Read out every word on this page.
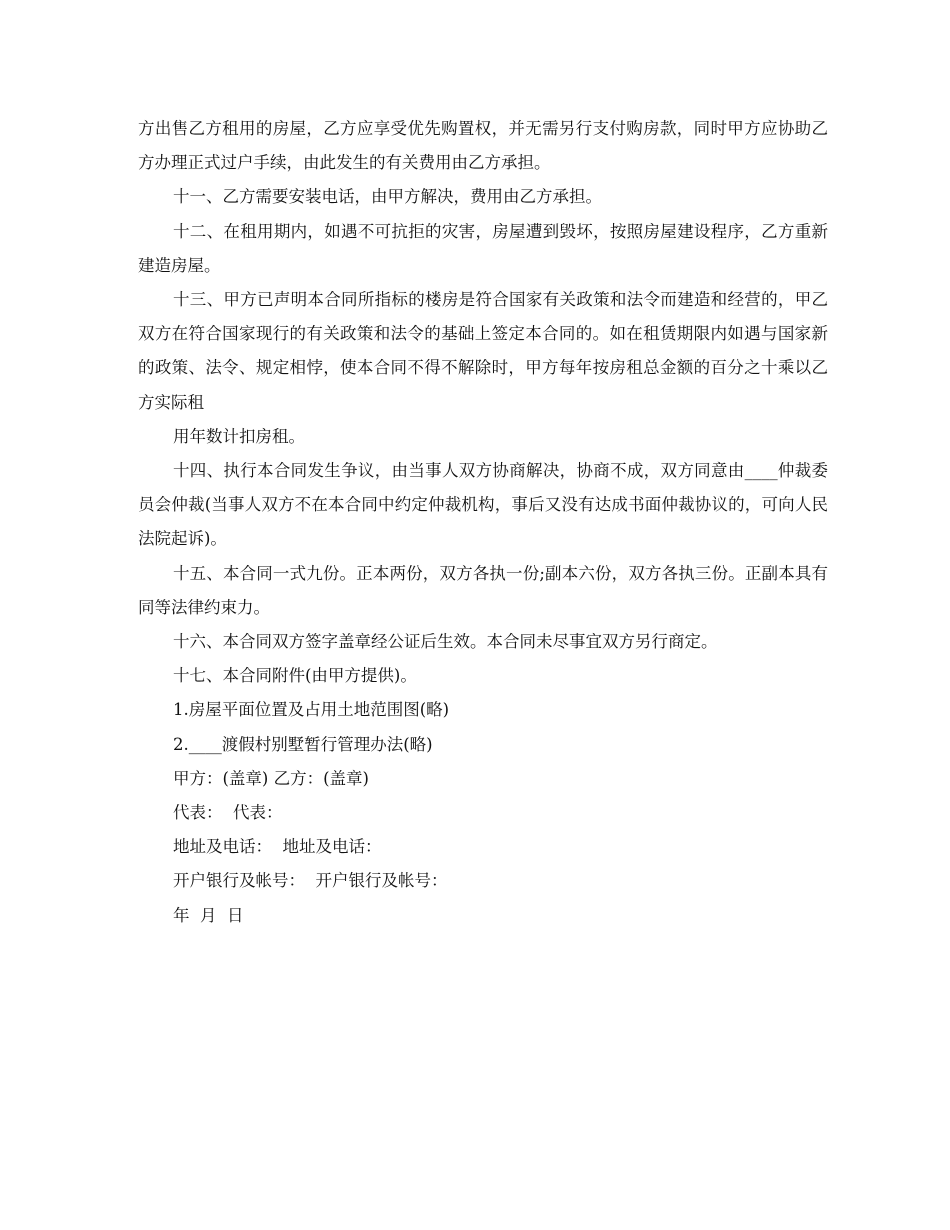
方出售乙方租用的房屋，乙方应享受优先购置权，并无需另行支付购房款，同时甲方应协助乙方办理正式过户手续，由此发生的有关费用由乙方承担。

十一、乙方需要安装电话，由甲方解决，费用由乙方承担。

十二、在租用期内，如遇不可抗拒的灾害，房屋遭到毁坏，按照房屋建设程序，乙方重新建造房屋。

十三、甲方已声明本合同所指标的楼房是符合国家有关政策和法令而建造和经营的，甲乙双方在符合国家现行的有关政策和法令的基础上签定本合同的。如在租赁期限内如遇与国家新的政策、法令、规定相悖，使本合同不得不解除时，甲方每年按房租总金额的百分之十乘以乙方实际租

用年数计扣房租。

十四、执行本合同发生争议，由当事人双方协商解决，协商不成，双方同意由____仲裁委员会仲裁(当事人双方不在本合同中约定仲裁机构，事后又没有达成书面仲裁协议的，可向人民法院起诉)。

十五、本合同一式九份。正本两份，双方各执一份;副本六份，双方各执三份。正副本具有同等法律约束力。

十六、本合同双方签字盖章经公证后生效。本合同未尽事宜双方另行商定。

十七、本合同附件(由甲方提供)。

1.房屋平面位置及占用土地范围图(略)

2.____渡假村别墅暂行管理办法(略)

甲方：(盖章) 乙方：(盖章)

代表：  代表：

地址及电话：  地址及电话：

开户银行及帐号：  开户银行及帐号：

年  月  日
